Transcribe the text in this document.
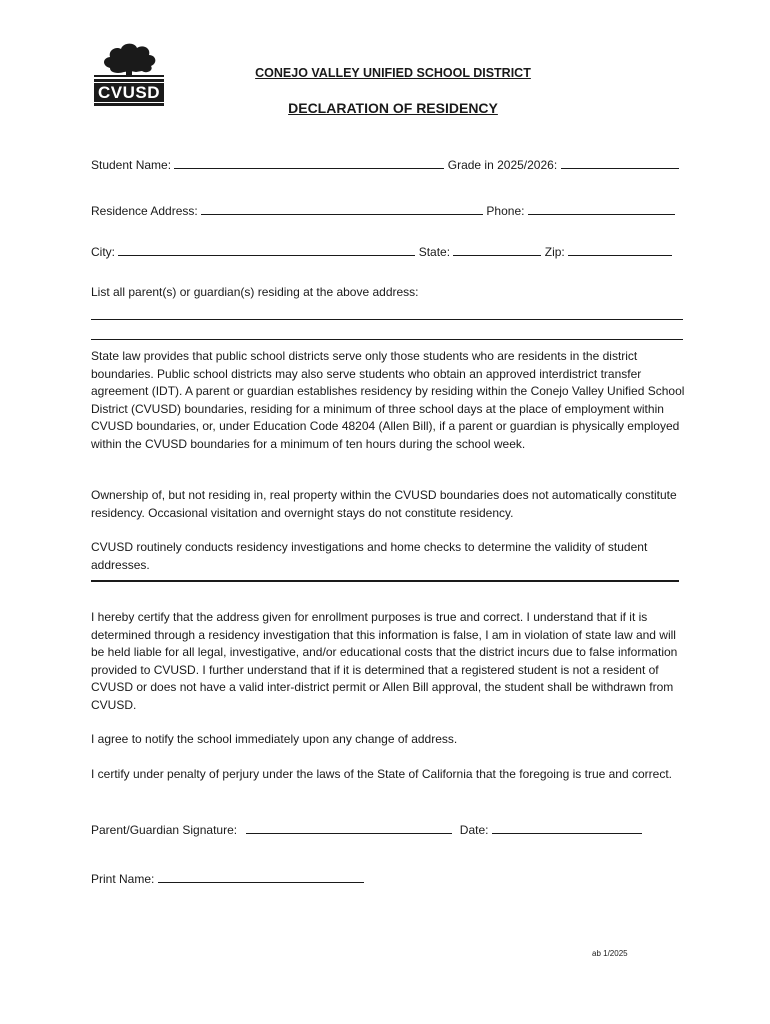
CVUSD
CONEJO VALLEY UNIFIED SCHOOL DISTRICT
DECLARATION OF RESIDENCY
Student Name:	Grade in 2025/2026:
Residence Address:	Phone:
City:	State:	Zip:
List all parent(s) or guardian(s) residing at the above address:
State law provides that public school districts serve only those students who are residents in the district boundaries. Public school districts may also serve students who obtain an approved interdistrict transfer agreement (IDT). A parent or guardian establishes residency by residing within the Conejo Valley Unified School District (CVUSD) boundaries, residing for a minimum of three school days at the place of employment within CVUSD boundaries, or, under Education Code 48204 (Allen Bill), if a parent or guardian is physically employed within the CVUSD boundaries for a minimum of ten hours during the school week.
Ownership of, but not residing in, real property within the CVUSD boundaries does not automatically constitute residency. Occasional visitation and overnight stays do not constitute residency.
CVUSD routinely conducts residency investigations and home checks to determine the validity of student addresses.
I hereby certify that the address given for enrollment purposes is true and correct. I understand that if it is determined through a residency investigation that this information is false, I am in violation of state law and will be held liable for all legal, investigative, and/or educational costs that the district incurs due to false information provided to CVUSD. I further understand that if it is determined that a registered student is not a resident of CVUSD or does not have a valid inter-district permit or Allen Bill approval, the student shall be withdrawn from CVUSD.
I agree to notify the school immediately upon any change of address.
I certify under penalty of perjury under the laws of the State of California that the foregoing is true and correct.
Parent/Guardian Signature:	Date:
Print Name:
ab 1/2025
